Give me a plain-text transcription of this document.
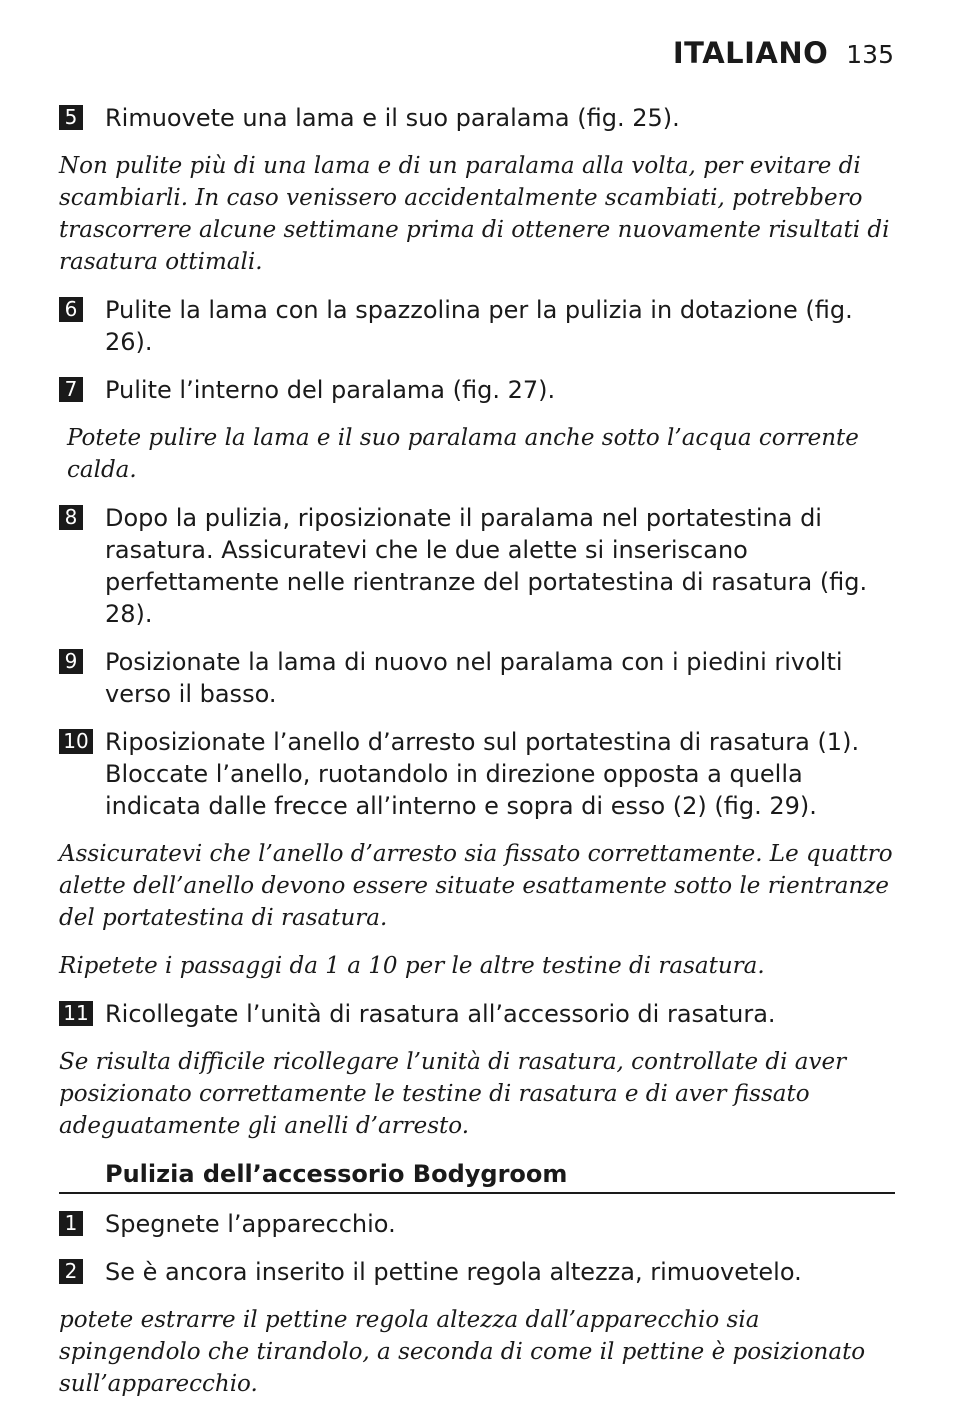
ITALIANO 135
5 Rimuovete una lama e il suo paralama (fig. 25).
Non pulite più di una lama e di un paralama alla volta, per evitare di scambiarli. In caso venissero accidentalmente scambiati, potrebbero trascorrere alcune settimane prima di ottenere nuovamente risultati di rasatura ottimali.
6 Pulite la lama con la spazzolina per la pulizia in dotazione (fig. 26).
7 Pulite l’interno del paralama (fig. 27).
Potete pulire la lama e il suo paralama anche sotto l’acqua corrente calda.
8 Dopo la pulizia, riposizionate il paralama nel portatestina di rasatura. Assicuratevi che le due alette si inseriscano perfettamente nelle rientranze del portatestina di rasatura (fig. 28).
9 Posizionate la lama di nuovo nel paralama con i piedini rivolti verso il basso.
10 Riposizionate l’anello d’arresto sul portatestina di rasatura (1). Bloccate l’anello, ruotandolo in direzione opposta a quella indicata dalle frecce all’interno e sopra di esso (2) (fig. 29).
Assicuratevi che l’anello d’arresto sia fissato correttamente. Le quattro alette dell’anello devono essere situate esattamente sotto le rientranze del portatestina di rasatura.
Ripetete i passaggi da 1 a 10 per le altre testine di rasatura.
11 Ricollegate l’unità di rasatura all’accessorio di rasatura.
Se risulta difficile ricollegare l’unità di rasatura, controllate di aver posizionato correttamente le testine di rasatura e di aver fissato adeguatamente gli anelli d’arresto.
Pulizia dell’accessorio Bodygroom
1 Spegnete l’apparecchio.
2 Se è ancora inserito il pettine regola altezza, rimuovetelo.
potete estrarre il pettine regola altezza dall’apparecchio sia spingendolo che tirandolo, a seconda di come il pettine è posizionato sull’apparecchio.
